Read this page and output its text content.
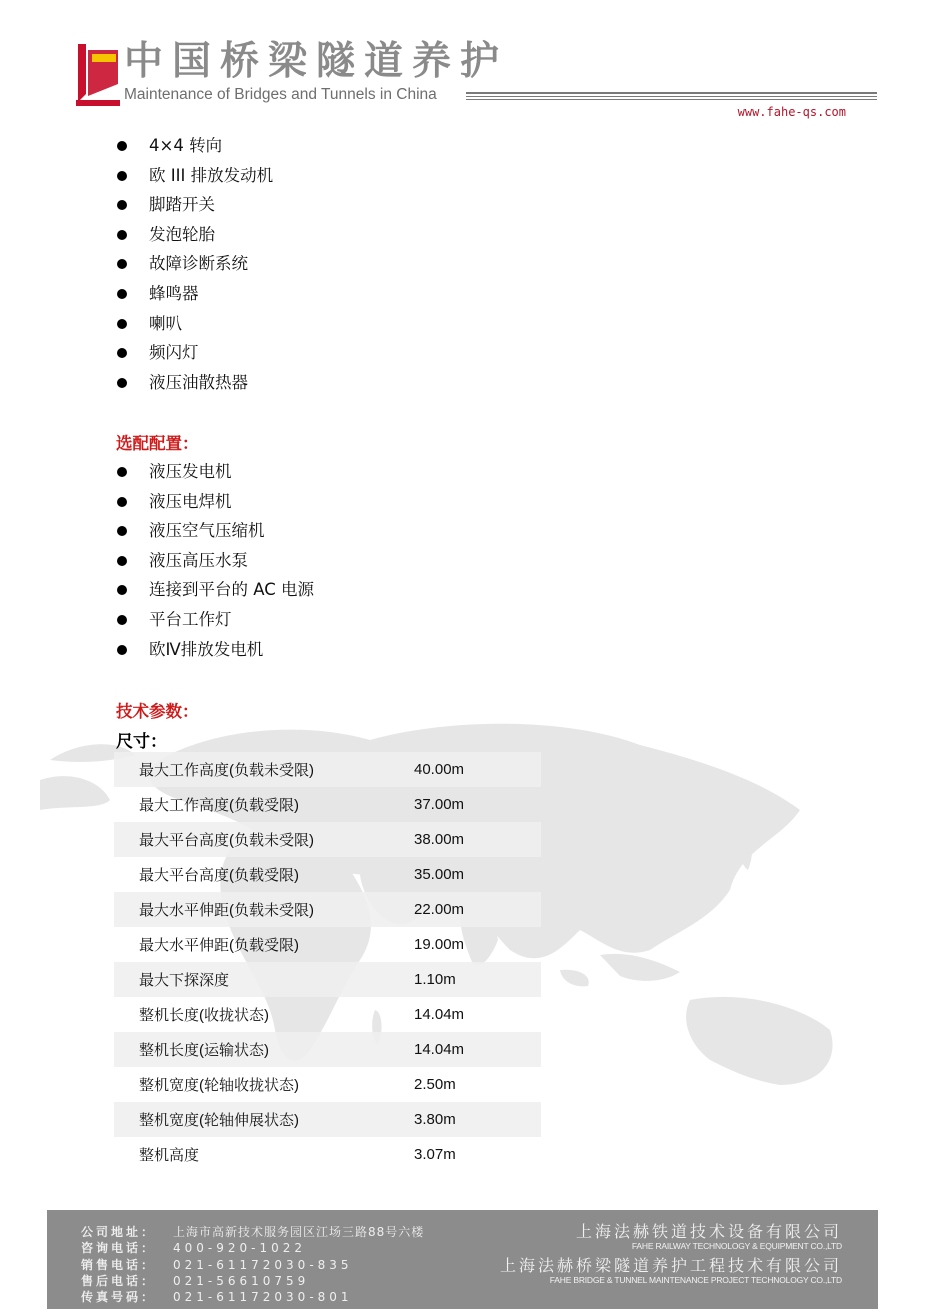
中国桥梁隧道养护
Maintenance of Bridges and Tunnels in China
www.fahe-qs.com
4×4 转向
欧 III 排放发动机
脚踏开关
发泡轮胎
故障诊断系统
蜂鸣器
喇叭
频闪灯
液压油散热器
选配配置：
液压发电机
液压电焊机
液压空气压缩机
液压高压水泵
连接到平台的 AC 电源
平台工作灯
欧Ⅳ排放发电机
技术参数：
尺寸：
最大工作高度(负载未受限)	40.00m
最大工作高度(负载受限)	37.00m
最大平台高度(负载未受限)	38.00m
最大平台高度(负载受限)	35.00m
最大水平伸距(负载未受限)	22.00m
最大水平伸距(负载受限)	19.00m
最大下探深度	1.10m
整机长度(收拢状态)	14.04m
整机长度(运输状态)	14.04m
整机宽度(轮轴收拢状态)	2.50m
整机宽度(轮轴伸展状态)	3.80m
整机高度	3.07m
公司地址： 上海市高新技术服务园区江场三路88号六楼
咨询电话： 400-920-1022
销售电话： 021-61172030-835
售后电话： 021-56610759
传真号码： 021-61172030-801
上海法赫铁道技术设备有限公司
FAHE RAILWAY TECHNOLOGY & EQUIPMENT CO.,LTD
上海法赫桥梁隧道养护工程技术有限公司
FAHE BRIDGE & TUNNEL MAINTENANCE PROJECT TECHNOLOGY CO.,LTD
